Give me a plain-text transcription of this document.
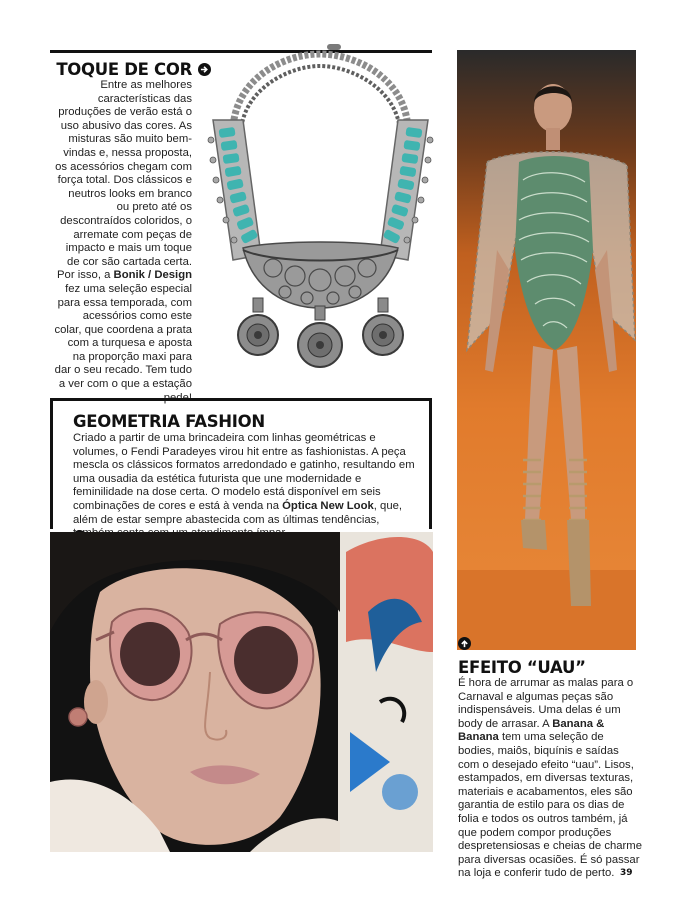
TOQUE DE COR
Entre as melhores características das produções de verão está o uso abusivo das cores. As misturas são muito bem-vindas e, nessa proposta, os acessórios chegam com força total. Dos clássicos e neutros looks em branco ou preto até os descontraídos coloridos, o arremate com peças de impacto e mais um toque de cor são cartada certa. Por isso, a Bonik / Design fez uma seleção especial para essa temporada, com acessórios como este colar, que coordena a prata com a turquesa e aposta na proporção maxi para dar o seu recado. Tem tudo a ver com o que a estação pede!
GEOMETRIA FASHION
Criado a partir de uma brincadeira com linhas geométricas e volumes, o Fendi Paradeyes virou hit entre as fashionistas. A peça mescla os clássicos formatos arredondado e gatinho, resultando em uma ousadia da estética futurista que une modernidade e feminilidade na dose certa. O modelo está disponível em seis combinações de cores e está à venda na Óptica New Look, que, além de estar sempre abastecida com as últimas tendências,
EFEITO “UAU”
É hora de arrumar as malas para o Carnaval e algumas peças são indispensáveis. Uma delas é um body de arrasar. A Banana & Banana tem uma seleção de bodies, maiôs, biquínis e saídas com o desejado efeito “uau”. Lisos, estampados, em diversas texturas, materiais e acabamentos, eles são garantia de estilo para os dias de folia e todos os outros também, já que podem compor produções despretensiosas e cheias de charme para diversas ocasiões. É só passar na loja e conferir tudo de perto. 39
